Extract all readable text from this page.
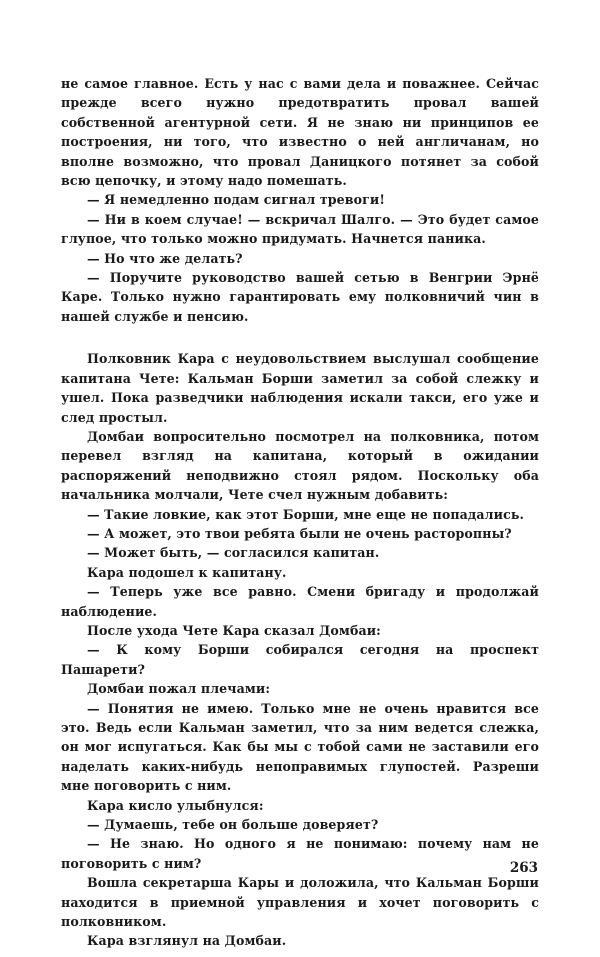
не самое главное. Есть у нас с вами дела и поважнее. Сейчас прежде всего нужно предотвратить провал вашей собственной агентурной сети. Я не знаю ни принципов ее построения, ни того, что известно о ней англичанам, но вполне возможно, что провал Даницкого потянет за собой всю цепочку, и этому надо помешать.

— Я немедленно подам сигнал тревоги!

— Ни в коем случае! — вскричал Шалго. — Это будет самое глупое, что только можно придумать. Начнется паника.

— Но что же делать?

— Поручите руководство вашей сетью в Венгрии Эрнё Каре. Только нужно гарантировать ему полковничий чин в нашей службе и пенсию.

Полковник Кара с неудовольствием выслушал сообщение капитана Чете: Кальман Борши заметил за собой слежку и ушел. Пока разведчики наблюдения искали такси, его уже и след простыл.

Домбаи вопросительно посмотрел на полковника, потом перевел взгляд на капитана, который в ожидании распоряжений неподвижно стоял рядом. Поскольку оба начальника молчали, Чете счел нужным добавить:

— Такие ловкие, как этот Борши, мне еще не попадались.

— А может, это твои ребята были не очень расторопны?

— Может быть, — согласился капитан.

Кара подошел к капитану.

— Теперь уже все равно. Смени бригаду и продолжай наблюдение.

После ухода Чете Кара сказал Домбаи:

— К кому Борши собирался сегодня на проспект Пашарети?

Домбаи пожал плечами:

— Понятия не имею. Только мне не очень нравится все это. Ведь если Кальман заметил, что за ним ведется слежка, он мог испугаться. Как бы мы с тобой сами не заставили его наделать каких-нибудь непоправимых глупостей. Разреши мне поговорить с ним.

Кара кисло улыбнулся:

— Думаешь, тебе он больше доверяет?

— Не знаю. Но одного я не понимаю: почему нам не поговорить с ним?

Вошла секретарша Кары и доложила, что Кальман Борши находится в приемной управления и хочет поговорить с полковником.

Кара взглянул на Домбаи.

263
